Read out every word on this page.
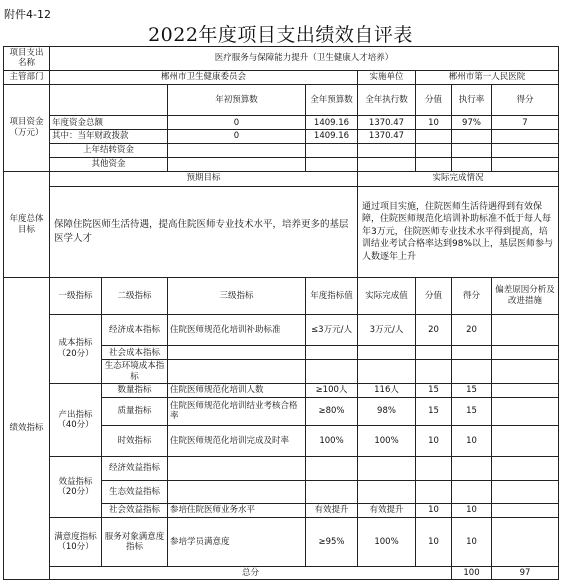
附件4-12
2022年度项目支出绩效自评表
项目支出名称	医疗服务与保障能力提升（卫生健康人才培养）								
主管部门	郴州市卫生健康委员会				实施单位	郴州市第一人民医院			
项目资金（万元）			年初预算数	全年预算数	全年执行数	分值	执行率	得分	
	年度资金总额		0	1409.16	1370.47	10	97%	7	
	其中：当年财政拨款		0	1409.16	1370.47				
	上年结转资金								
	其他资金								
年度总体目标	预期目标				实际完成情况				
	保障住院医师生活待遇，提高住院医师专业技术水平，培养更多的基层医学人才				通过项目实施，住院医师生活待遇得到有效保障，住院医师规范化培训补助标准不低于每人每年3万元，住院医师专业技术水平得到提高，培训结业考试合格率达到98%以上，基层医师参与人数逐年上升				
绩效指标	一级指标	二级指标	三级指标	年度指标值	实际完成值	分值	得分	偏差原因分析及改进措施	
	成本指标（20分）	经济成本指标	住院医师规范化培训补助标准	≤3万元/人	3万元/人	20	20		
		社会成本指标							
		生态环境成本指标							
	产出指标（40分）	数量指标	住院医师规范化培训人数	≥100人	116人	15	15		
		质量指标	住院医师规范化培训结业考核合格率	≥80%	98%	15	15		
		时效指标	住院医师规范化培训完成及时率	100%	100%	10	10		
	效益指标（20分）	经济效益指标							
		生态效益指标							
		社会效益指标	参培住院医师业务水平	有效提升	有效提升	10	10		
	满意度指标（10分）	服务对象满意度指标	参培学员满意度	≥95%	100%	10	10		
	总分						100	97	
